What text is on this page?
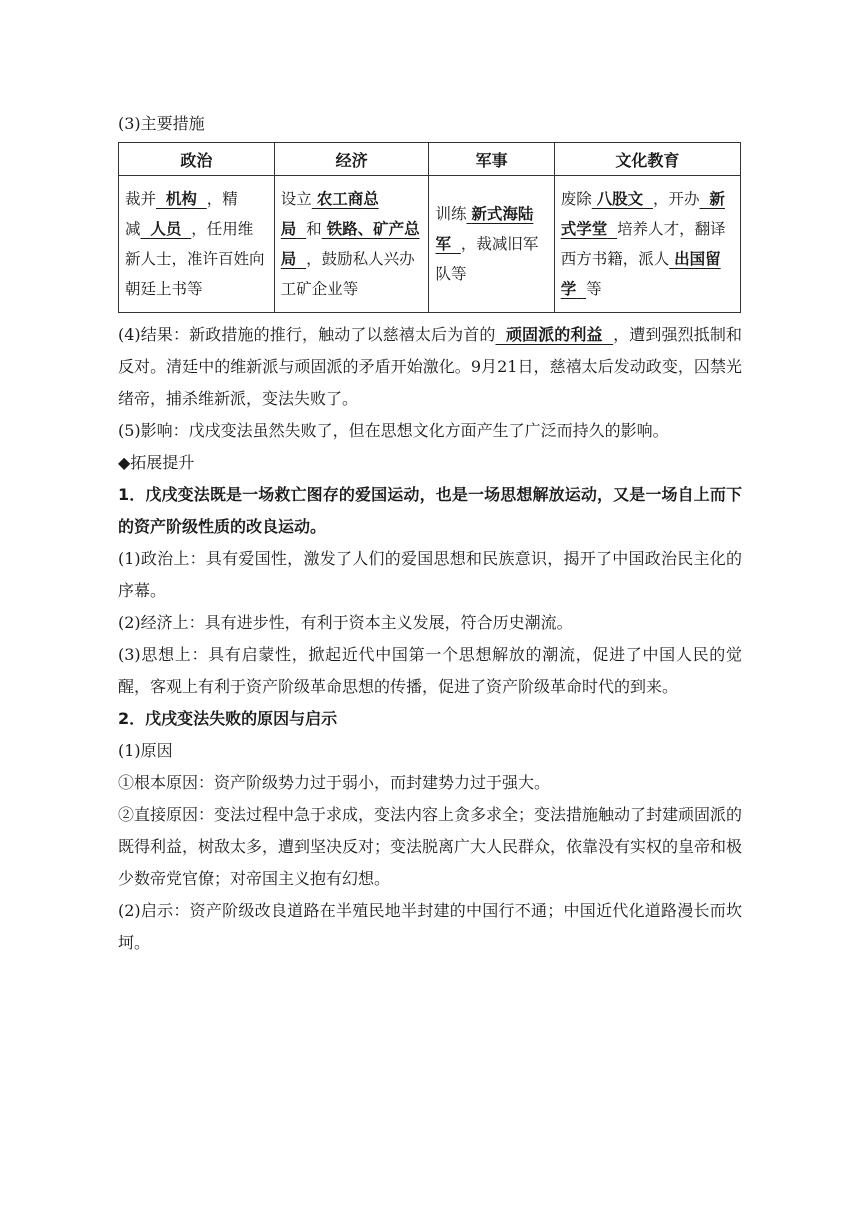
(3)主要措施
政治	经济	军事	文化教育
裁并 机构 ，精减 人员 ，任用维新人士，准许百姓向朝廷上书等	设立 农工商总局 和 铁路、矿产总局 ，鼓励私人兴办工矿企业等	训练 新式海陆军 ，裁减旧军队等	废除 八股文 ，开办 新式学堂 培养人才，翻译西方书籍，派人 出国留学 等

(4)结果：新政措施的推行，触动了以慈禧太后为首的 顽固派的利益 ，遭到强烈抵制和反对。清廷中的维新派与顽固派的矛盾开始激化。9月21日，慈禧太后发动政变，囚禁光绪帝，捕杀维新派，变法失败了。

(5)影响：戊戌变法虽然失败了，但在思想文化方面产生了广泛而持久的影响。

◆拓展提升

1．戊戌变法既是一场救亡图存的爱国运动，也是一场思想解放运动，又是一场自上而下的资产阶级性质的改良运动。

(1)政治上：具有爱国性，激发了人们的爱国思想和民族意识，揭开了中国政治民主化的序幕。

(2)经济上：具有进步性，有利于资本主义发展，符合历史潮流。

(3)思想上：具有启蒙性，掀起近代中国第一个思想解放的潮流，促进了中国人民的觉醒，客观上有利于资产阶级革命思想的传播，促进了资产阶级革命时代的到来。

2．戊戌变法失败的原因与启示

(1)原因

①根本原因：资产阶级势力过于弱小，而封建势力过于强大。

②直接原因：变法过程中急于求成，变法内容上贪多求全；变法措施触动了封建顽固派的既得利益，树敌太多，遭到坚决反对；变法脱离广大人民群众，依靠没有实权的皇帝和极少数帝党官僚；对帝国主义抱有幻想。

(2)启示：资产阶级改良道路在半殖民地半封建的中国行不通；中国近代化道路漫长而坎坷。
